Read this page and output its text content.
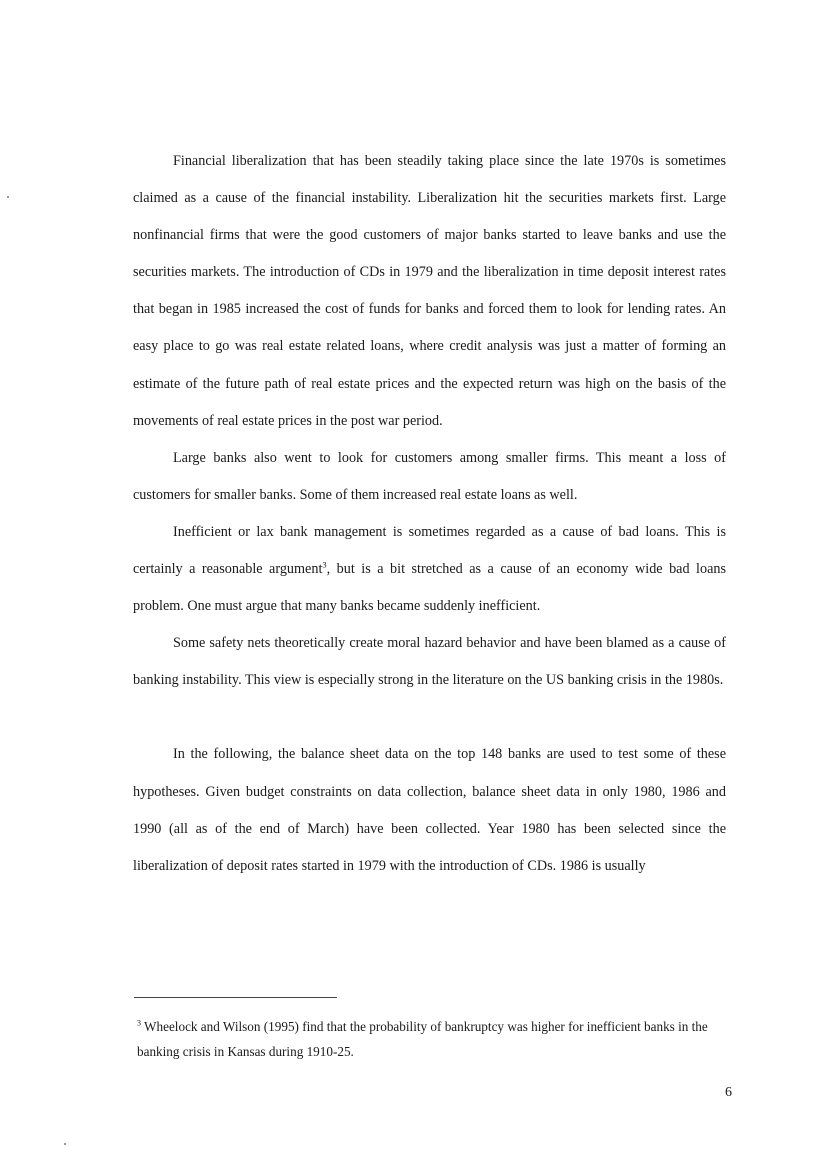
Financial liberalization that has been steadily taking place since the late 1970s is sometimes claimed as a cause of the financial instability. Liberalization hit the securities markets first. Large nonfinancial firms that were the good customers of major banks started to leave banks and use the securities markets. The introduction of CDs in 1979 and the liberalization in time deposit interest rates that began in 1985 increased the cost of funds for banks and forced them to look for lending rates. An easy place to go was real estate related loans, where credit analysis was just a matter of forming an estimate of the future path of real estate prices and the expected return was high on the basis of the movements of real estate prices in the post war period.

Large banks also went to look for customers among smaller firms. This meant a loss of customers for smaller banks. Some of them increased real estate loans as well.

Inefficient or lax bank management is sometimes regarded as a cause of bad loans. This is certainly a reasonable argument$^3$, but is a bit stretched as a cause of an economy wide bad loans problem. One must argue that many banks became suddenly inefficient.

Some safety nets theoretically create moral hazard behavior and have been blamed as a cause of banking instability. This view is especially strong in the literature on the US banking crisis in the 1980s.

In the following, the balance sheet data on the top 148 banks are used to test some of these hypotheses. Given budget constraints on data collection, balance sheet data in only 1980, 1986 and 1990 (all as of the end of March) have been collected. Year 1980 has been selected since the liberalization of deposit rates started in 1979 with the introduction of CDs. 1986 is usually

$^3$ Wheelock and Wilson (1995) find that the probability of bankruptcy was higher for inefficient banks in the banking crisis in Kansas during 1910-25.
6
